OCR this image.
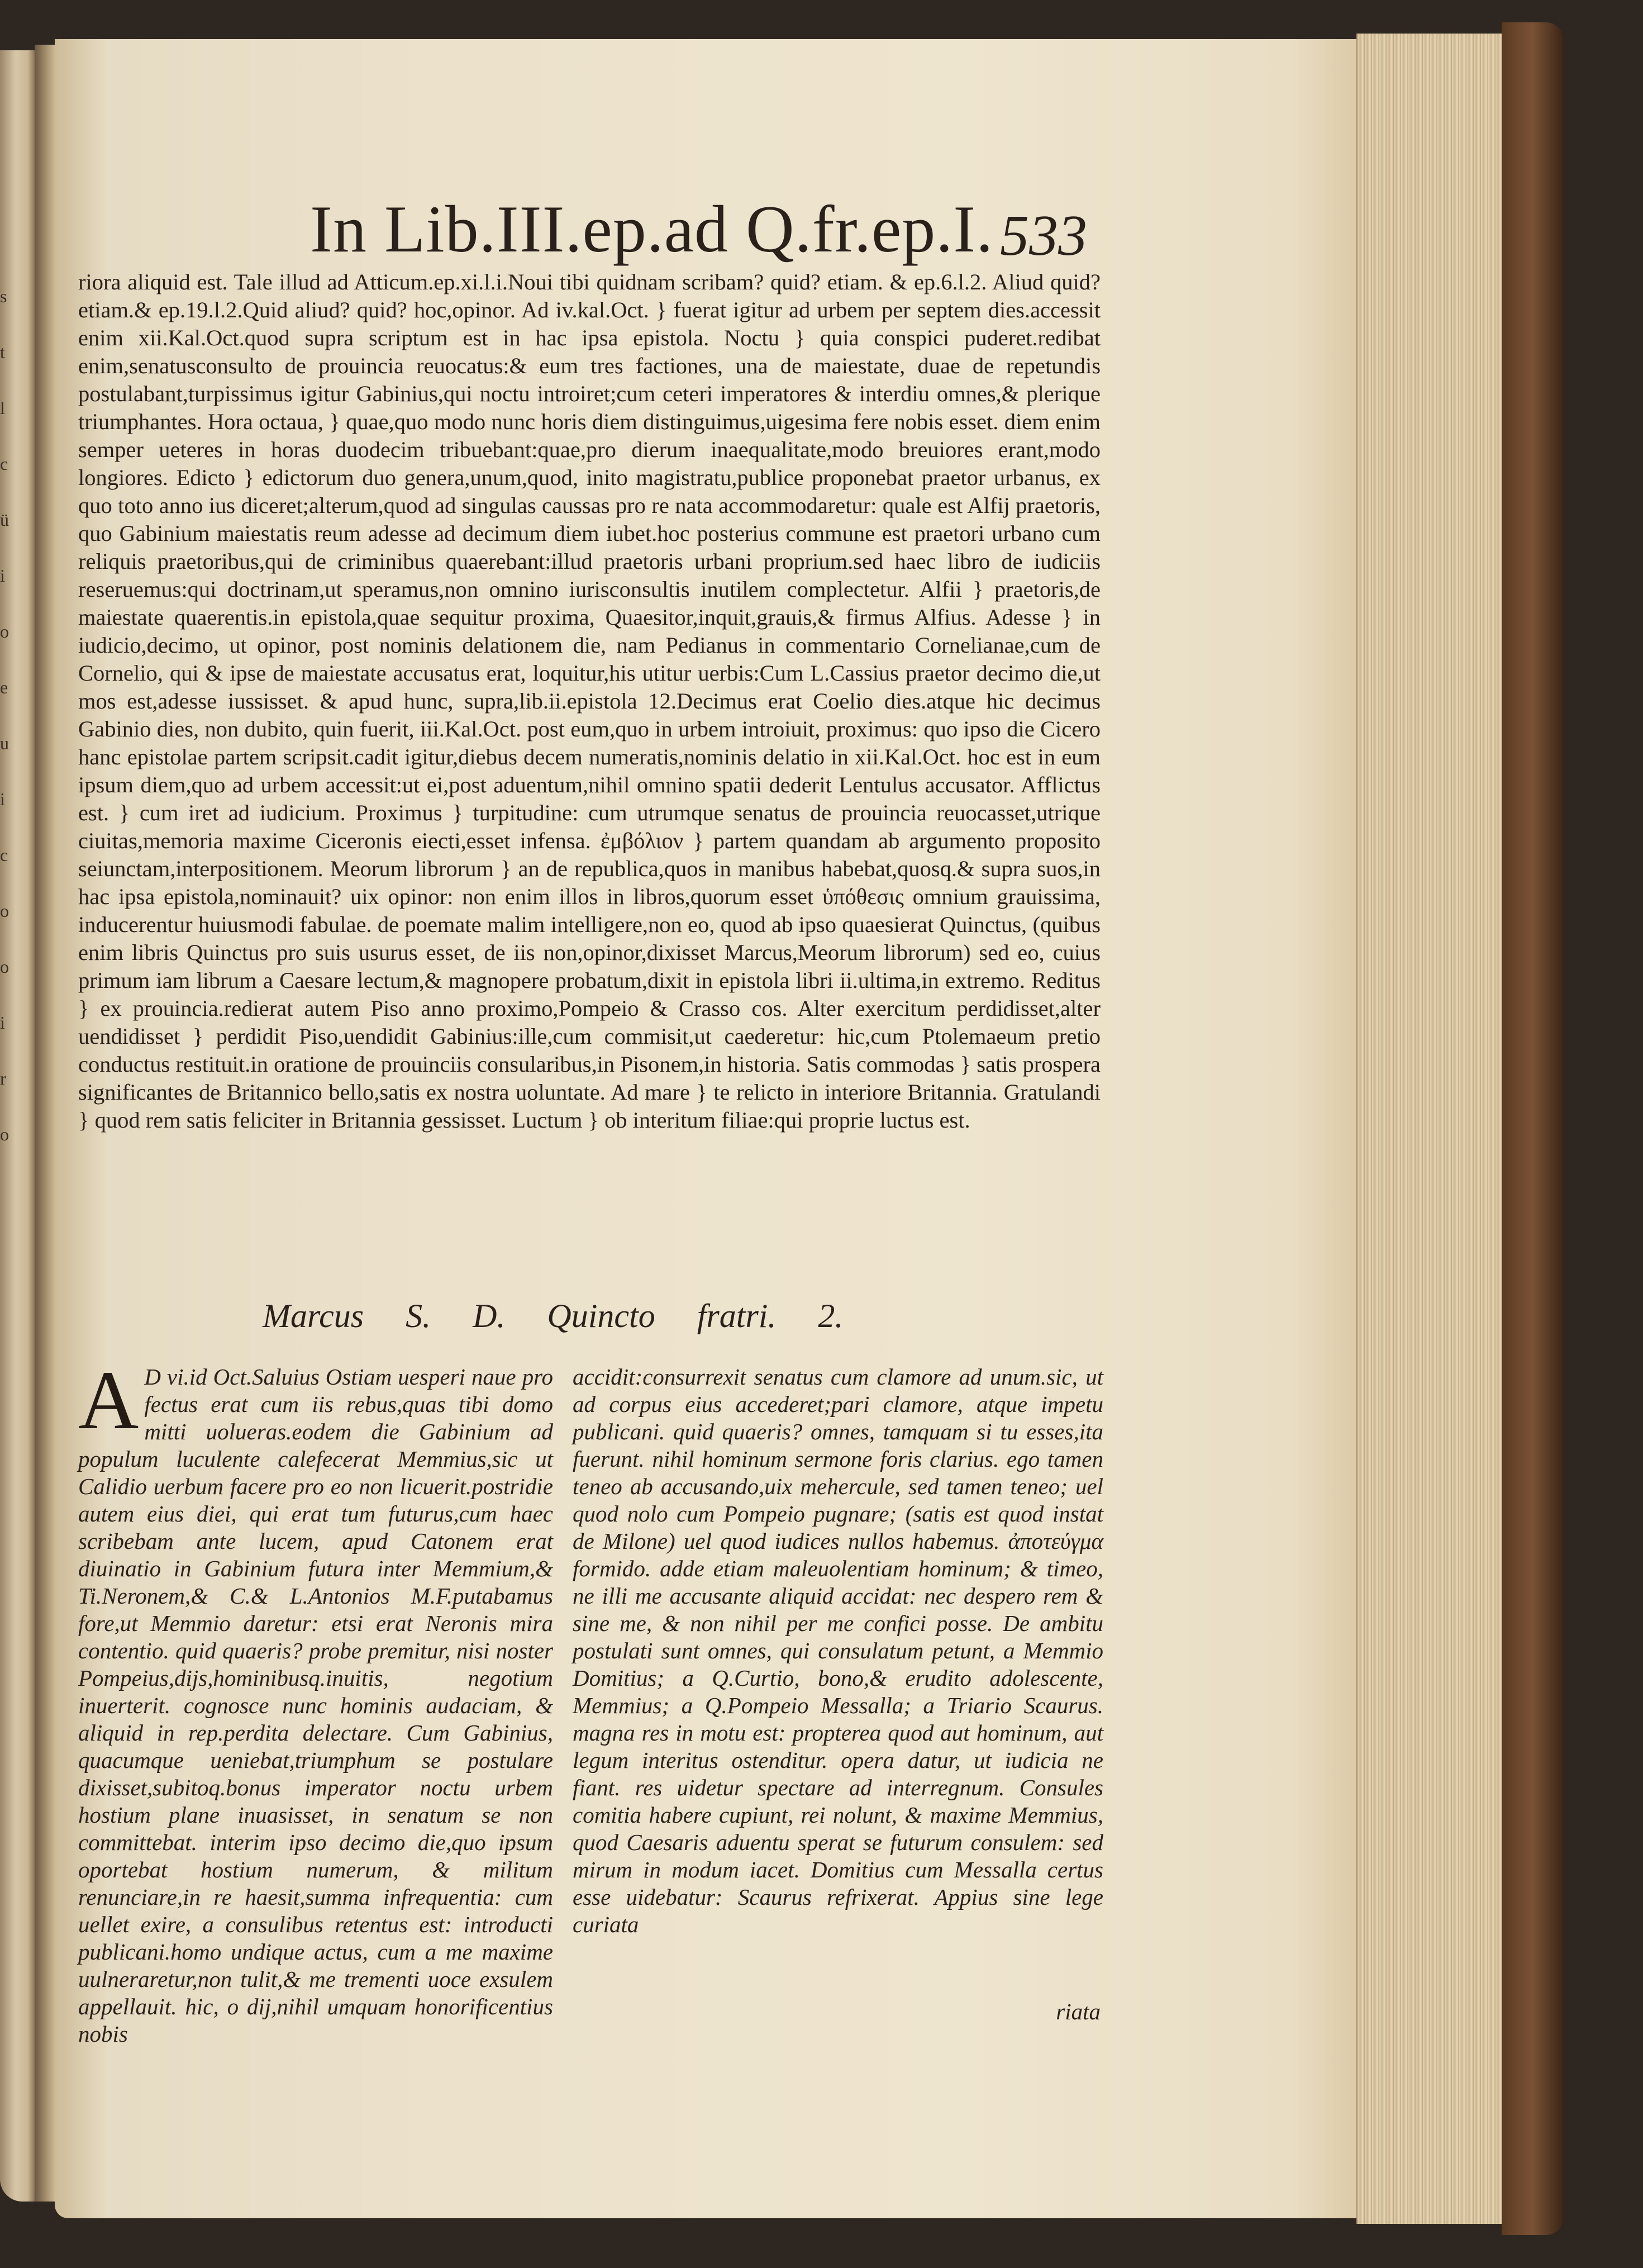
s
t
l
c
ü
i
o
e
u
i
c
o
o
i
r
o
In Lib.III.ep.ad Q.fr.ep.I. 533
riora aliquid est. Tale illud ad Atticum.ep.xi.l.i.Noui tibi quidnam scribam? quid? etiam. & ep.6.l.2. Aliud quid? etiam.& ep.19.l.2.Quid aliud? quid? hoc,opinor. Ad iv.kal.Oct. } fuerat igitur ad urbem per septem dies.accessit enim xii.Kal.Oct.quod supra scriptum est in hac ipsa epistola. Noctu } quia conspici puderet.redibat enim,senatusconsulto de prouincia reuocatus:& eum tres factiones, una de maiestate, duae de repetundis postulabant,turpissimus igitur Gabinius,qui noctu introiret;cum ceteri imperatores & interdiu omnes,& plerique triumphantes. Hora octaua, } quae,quo modo nunc horis diem distinguimus,uigesima fere nobis esset. diem enim semper ueteres in horas duodecim tribuebant:quae,pro dierum inaequalitate,modo breuiores erant,modo longiores. Edicto } edictorum duo genera,unum,quod, inito magistratu,publice proponebat praetor urbanus, ex quo toto anno ius diceret;alterum,quod ad singulas caussas pro re nata accommodaretur: quale est Alfij praetoris, quo Gabinium maiestatis reum adesse ad decimum diem iubet.hoc posterius commune est praetori urbano cum reliquis praetoribus,qui de criminibus quaerebant:illud praetoris urbani proprium.sed haec libro de iudiciis reseruemus:qui doctrinam,ut speramus,non omnino iurisconsultis inutilem complectetur. Alfii } praetoris,de maiestate quaerentis.in epistola,quae sequitur proxima, Quaesitor,inquit,grauis,& firmus Alfius. Adesse } in iudicio,decimo, ut opinor, post nominis delationem die, nam Pedianus in commentario Cornelianae,cum de Cornelio, qui & ipse de maiestate accusatus erat, loquitur,his utitur uerbis:Cum L.Cassius praetor decimo die,ut mos est,adesse iussisset. & apud hunc, supra,lib.ii.epistola 12.Decimus erat Coelio dies.atque hic decimus Gabinio dies, non dubito, quin fuerit, iii.Kal.Oct. post eum,quo in urbem introiuit, proximus: quo ipso die Cicero hanc epistolae partem scripsit.cadit igitur,diebus decem numeratis,nominis delatio in xii.Kal.Oct. hoc est in eum ipsum diem,quo ad urbem accessit:ut ei,post aduentum,nihil omnino spatii dederit Lentulus accusator. Afflictus est. } cum iret ad iudicium. Proximus } turpitudine: cum utrumque senatus de prouincia reuocasset,utrique ciuitas,memoria maxime Ciceronis eiecti,esset infensa. ἐμβόλιον } partem quandam ab argumento proposito seiunctam,interpositionem. Meorum librorum } an de republica,quos in manibus habebat,quosq.& supra suos,in hac ipsa epistola,nominauit? uix opinor: non enim illos in libros,quorum esset ὑπόθεσις omnium grauissima, inducerentur huiusmodi fabulae. de poemate malim intelligere,non eo, quod ab ipso quaesierat Quinctus, (quibus enim libris Quinctus pro suis usurus esset, de iis non,opinor,dixisset Marcus,Meorum librorum) sed eo, cuius primum iam librum a Caesare lectum,& magnopere probatum,dixit in epistola libri ii.ultima,in extremo. Reditus } ex prouincia.redierat autem Piso anno proximo,Pompeio & Crasso cos. Alter exercitum perdidisset,alter uendidisset } perdidit Piso,uendidit Gabinius:ille,cum commisit,ut caederetur: hic,cum Ptolemaeum pretio conductus restituit.in oratione de prouinciis consularibus,in Pisonem,in historia. Satis commodas } satis prospera significantes de Britannico bello,satis ex nostra uoluntate. Ad mare } te relicto in interiore Britannia. Gratulandi } quod rem satis feliciter in Britannia gessisset. Luctum } ob interitum filiae:qui proprie luctus est.
Marcus S. D. Quincto fratri. 2.
A D vi.id Oct.Saluius Ostiam uesperi naue pro fectus erat cum iis rebus,quas tibi domo mitti uolueras.eodem die Gabinium ad populum luculente calefecerat Memmius,sic ut Calidio uerbum facere pro eo non licuerit.postridie autem eius diei, qui erat tum futurus,cum haec scribebam ante lucem, apud Catonem erat diuinatio in Gabinium futura inter Memmium,& Ti.Neronem,& C.& L.Antonios M.F.putabamus fore,ut Memmio daretur: etsi erat Neronis mira contentio. quid quaeris? probe premitur, nisi noster Pompeius,dijs,hominibusq.inuitis, negotium inuerterit. cognosce nunc hominis audaciam, & aliquid in rep.perdita delectare. Cum Gabinius, quacumque ueniebat,triumphum se postulare dixisset,subitoq.bonus imperator noctu urbem hostium plane inuasisset, in senatum se non committebat. interim ipso decimo die,quo ipsum oportebat hostium numerum, & militum renunciare,in re haesit,summa infrequentia: cum uellet exire, a consulibus retentus est: introducti publicani.homo undique actus, cum a me maxime uulneraretur,non tulit,& me trementi uoce exsulem appellauit. hic, o dij,nihil umquam honorificentius nobis
accidit:consurrexit senatus cum clamore ad unum.sic, ut ad corpus eius accederet;pari clamore, atque impetu publicani. quid quaeris? omnes, tamquam si tu esses,ita fuerunt. nihil hominum sermone foris clarius. ego tamen teneo ab accusando,uix mehercule, sed tamen teneo; uel quod nolo cum Pompeio pugnare; (satis est quod instat de Milone) uel quod iudices nullos habemus. ἀποτεύγμα formido. adde etiam maleuolentiam hominum; & timeo, ne illi me accusante aliquid accidat: nec despero rem & sine me, & non nihil per me confici posse. De ambitu postulati sunt omnes, qui consulatum petunt, a Memmio Domitius; a Q.Curtio, bono,& erudito adolescente, Memmius; a Q.Pompeio Messalla; a Triario Scaurus. magna res in motu est: propterea quod aut hominum, aut legum interitus ostenditur. opera datur, ut iudicia ne fiant. res uidetur spectare ad interregnum. Consules comitia habere cupiunt, rei nolunt, & maxime Memmius, quod Caesaris aduentu sperat se futurum consulem: sed mirum in modum iacet. Domitius cum Messalla certus esse uidebatur: Scaurus refrixerat. Appius sine lege curiata
riata
